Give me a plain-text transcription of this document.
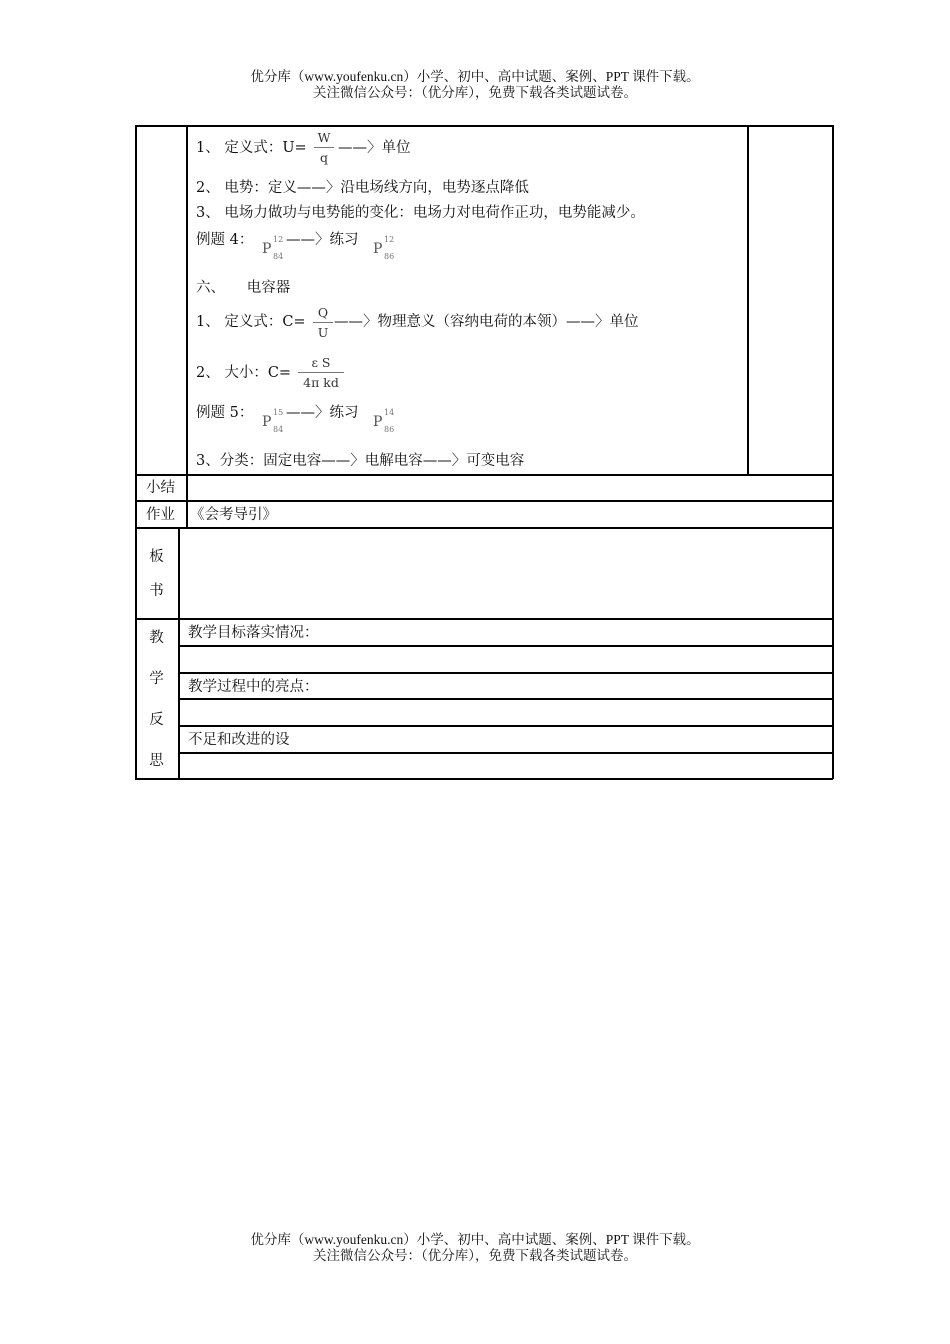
优分库（www.youfenku.cn）小学、初中、高中试题、案例、PPT 课件下载。
关注微信公众号：（优分库），免费下载各类试题试卷。
1、 定义式：U=
W
q
——〉单位
2、 电势：定义——〉沿电场线方向，电势逐点降低
3、 电场力做功与电势能的变化：电场力对电荷作正功，电势能减少。
例题 4：
P
12
84
——〉练习
P
12
86
六、　　电容器
1、 定义式：C=
Q
U
——〉物理意义（容纳电荷的本领）——〉单位
2、 大小：C=
ε S
4π kd
例题 5：
P
15
84
——〉练习
P
14
86
3、分类：固定电容——〉电解电容——〉可变电容
小结
作业	《会考导引》
板
书
教
学
反
思
教学目标落实情况：
教学过程中的亮点：
不足和改进的设
优分库（www.youfenku.cn）小学、初中、高中试题、案例、PPT 课件下载。
关注微信公众号：（优分库），免费下载各类试题试卷。
